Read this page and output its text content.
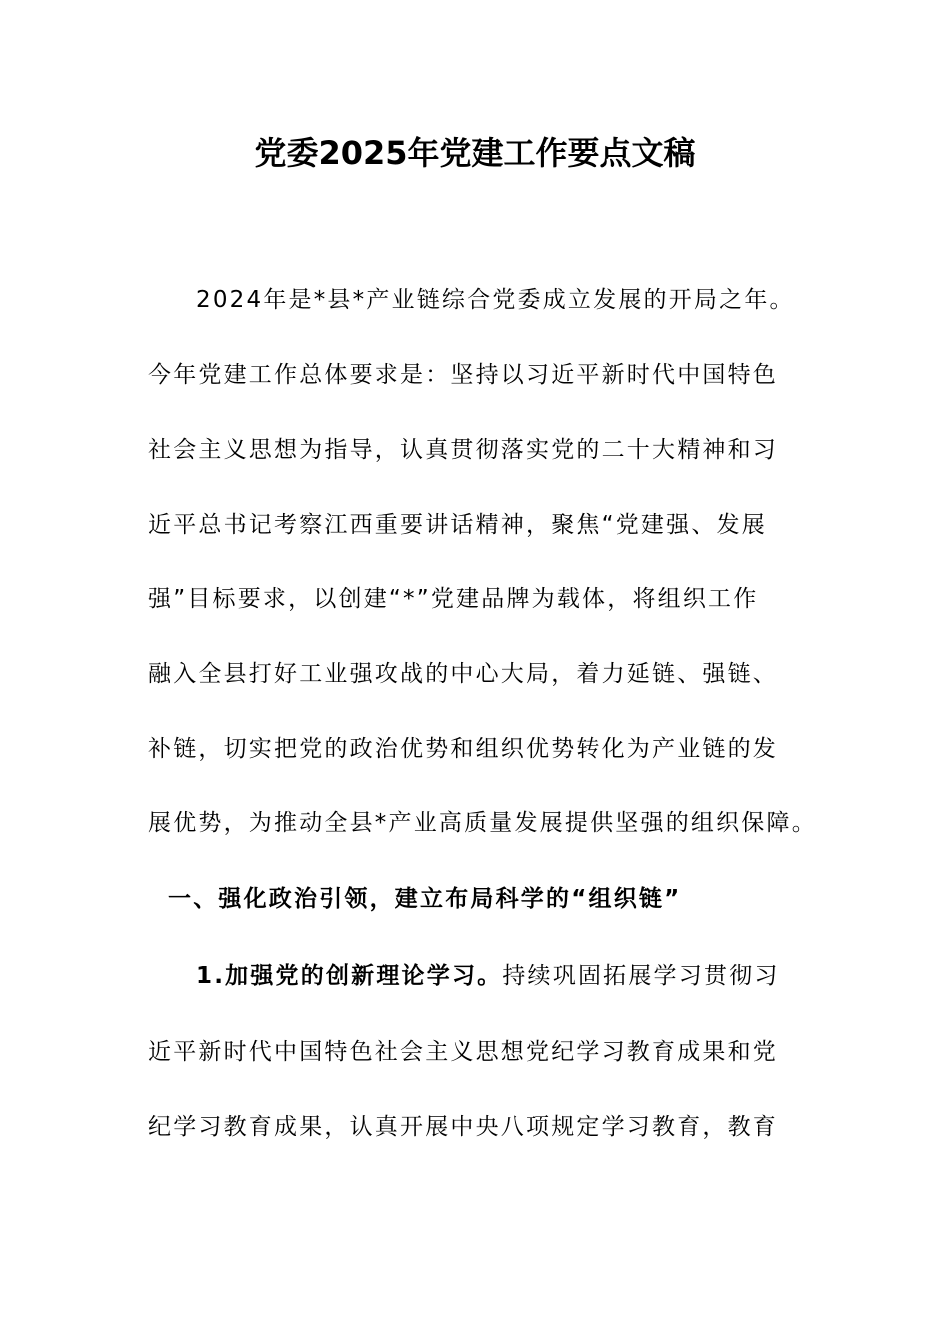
党委2025年党建工作要点文稿
2024年是*县*产业链综合党委成立发展的开局之年。
今年党建工作总体要求是：坚持以习近平新时代中国特色
社会主义思想为指导，认真贯彻落实党的二十大精神和习
近平总书记考察江西重要讲话精神，聚焦“党建强、发展
强”目标要求，以创建“*”党建品牌为载体，将组织工作
融入全县打好工业强攻战的中心大局，着力延链、强链、
补链，切实把党的政治优势和组织优势转化为产业链的发
展优势，为推动全县*产业高质量发展提供坚强的组织保障。
一、强化政治引领，建立布局科学的“组织链”
1.加强党的创新理论学习。持续巩固拓展学习贯彻习
近平新时代中国特色社会主义思想党纪学习教育成果和党
纪学习教育成果，认真开展中央八项规定学习教育，教育
